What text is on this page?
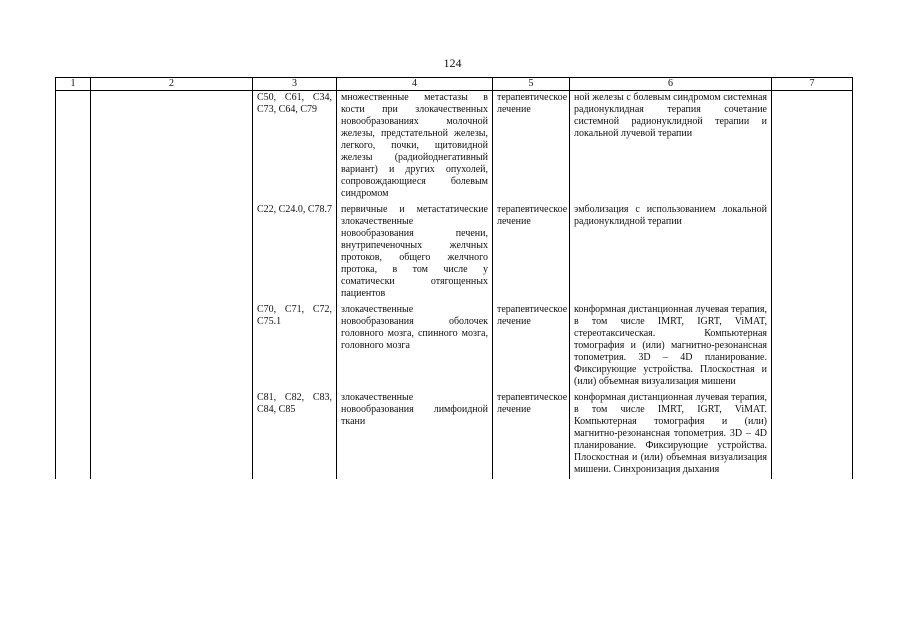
124
1	2	3	4	5	6	7
		C50, C61, C34, C73, C64, C79	множественные метастазы в кости при злокачественных новообразованиях молочной железы, предстательной железы, легкого, почки, щитовидной железы (радиойоднегативный вариант) и других опухолей, сопровождающиеся болевым синдромом	терапевтическое лечение	ной железы с болевым синдромом системная радионуклидная терапия сочетание системной радионуклидной терапии и локальной лучевой терапии	
		C22, C24.0, C78.7	первичные и метастатические злокачественные новообразования печени, внутрипеченочных желчных протоков, общего желчного протока, в том числе у соматически отягощенных пациентов	терапевтическое лечение	эмболизация с использованием локальной радионуклидной терапии	
		C70, C71, C72, C75.1	злокачественные новообразования оболочек головного мозга, спинного мозга, головного мозга	терапевтическое лечение	конформная дистанционная лучевая терапия, в том числе IMRT, IGRT, ViMAT, стереотаксическая. Компьютерная томография и (или) магнитно-резонансная топометрия. 3D – 4D планирование. Фиксирующие устройства. Плоскостная и (или) объемная визуализация мишени	
		C81, C82, C83, C84, C85	злокачественные новообразования лимфоидной ткани	терапевтическое лечение	конформная дистанционная лучевая терапия, в том числе IMRT, IGRT, ViMAT. Компьютерная томография и (или) магнитно-резонансная топометрия. 3D – 4D планирование. Фиксирующие устройства. Плоскостная и (или) объемная визуализация мишени. Синхронизация дыхания	
